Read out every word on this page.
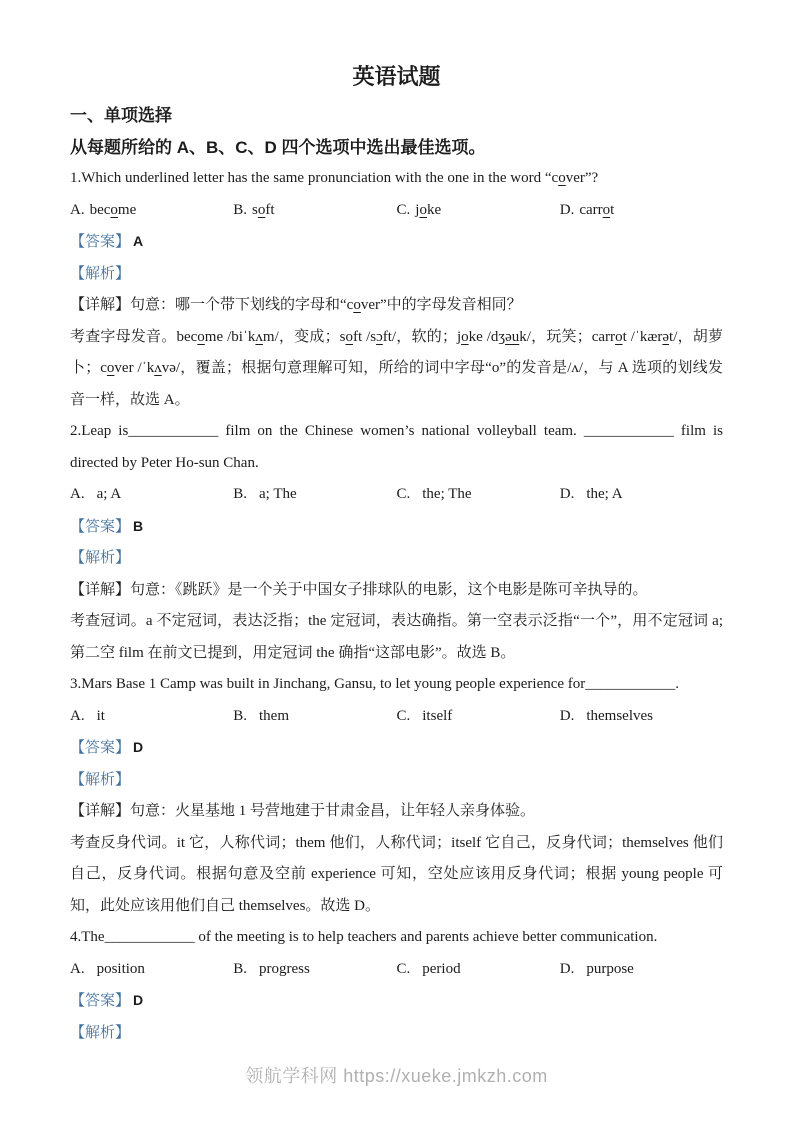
英语试题

一、单项选择

从每题所给的 A、B、C、D 四个选项中选出最佳选项。

1.Which underlined letter has the same pronunciation with the one in the word “cover”?

A. become	B. soft	C. joke	D. carrot

【答案】 A

【解析】

【详解】句意：哪一个带下划线的字母和“cover”中的字母发音相同？

考查字母发音。become /biˈkʌm/，变成；soft /sɔft/，软的；joke /dʒəuk/，玩笑；carrot /ˈkærət/，胡萝卜；cover /ˈkʌvə/，覆盖；根据句意理解可知，所给的词中字母“o”的发音是/ʌ/，与 A 选项的划线发音一样，故选 A。

2.Leap is____________ film on the Chinese women’s national volleyball team. ____________ film is directed by Peter Ho-sun Chan.

A. a; A	B. a; The	C. the; The	D. the; A

【答案】 B

【解析】

【详解】句意：《跳跃》是一个关于中国女子排球队的电影，这个电影是陈可辛执导的。

考查冠词。a 不定冠词，表达泛指；the 定冠词，表达确指。第一空表示泛指“一个”，用不定冠词 a;第二空 film 在前文已提到，用定冠词 the 确指“这部电影”。故选 B。

3.Mars Base 1 Camp was built in Jinchang, Gansu, to let young people experience for____________.

A. it	B. them	C. itself	D. themselves

【答案】 D

【解析】

【详解】句意：火星基地 1 号营地建于甘肃金昌，让年轻人亲身体验。

考查反身代词。it 它，人称代词；them 他们，人称代词；itself 它自己，反身代词；themselves 他们自己，反身代词。根据句意及空前 experience 可知，空处应该用反身代词；根据 young people 可知，此处应该用他们自己 themselves。故选 D。

4.The____________ of the meeting is to help teachers and parents achieve better communication.

A. position	B. progress	C. period	D. purpose

【答案】 D

【解析】

领航学科网 https://xueke.jmkzh.com
